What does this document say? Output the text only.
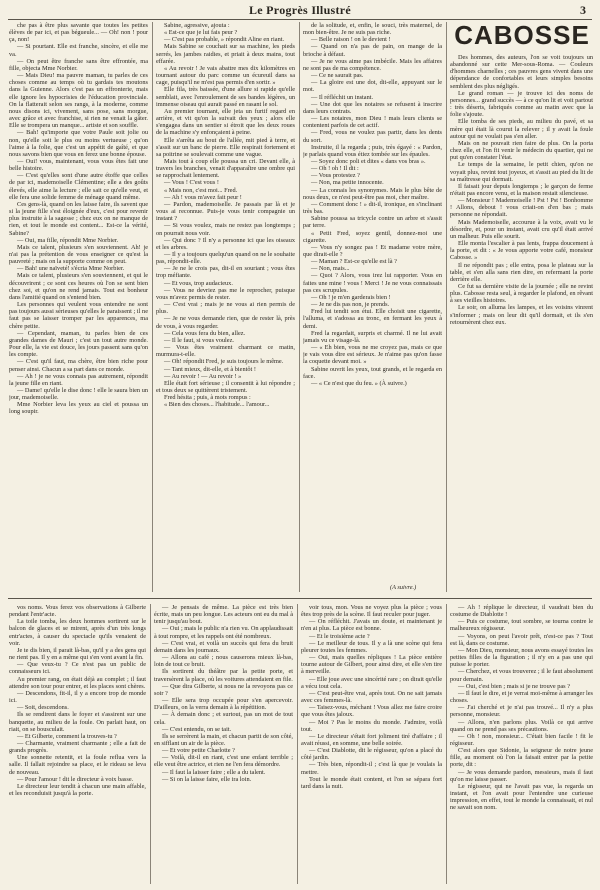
Le Progrès Illustré	3

che pas à être plus savante que toutes les petites élèves de par ici, et pas bégueule... — Oh! non ! pour ça, non!

— Si pourtant. Elle est franche, sincère, et elle me va.

— On peut être franche sans être effrontée, ma fille, objecta Mme Norbier.

— Mais Dieu! ma pauvre maman, tu parles de ces choses comme au temps où tu gardais tes moutons dans la Guienne. Alors c'est pas un effronterie, mais elle ignore les hypocrisies de l'éducation provinciale. On la flatterait selon ses rangs, à la moderne, comme nous disons ici, vivement, sans pose, sans morgue, avec grâce et avec franchise, si rien ne venait la gâter. Elle se trompera un manque... artiste et son souffle.

— Bah! qu'importe que votre Paule soit jolie ou non, qu'elle soit le plus ou moins vertueuse ; qu'on l'aime à la folie, que c'est un appétit de gaîté, et que nous savons bien que vous en ferez une bonne épouse.

— Oui! vous, maintenant, vous vous êtes fait une belle histoire.

— C'est qu'elles sont d'une autre étoffe que celles de par ici, mademoiselle Clémentine; elle a des goûts élevés, elle aime la lecture ; elle sait ce qu'elle veut, et elle fera une solide femme de ménage quand même.

Ces gens-là, quand on les laisse faire, ils savent que si la jeune fille s'est éloignée d'eux, c'est pour revenir plus instruite à la sagesse ; chez eux on ne manque de rien, et tout le monde est content... Est-ce la vérité, Sabine?

— Oui, ma fille, répondit Mme Norbier.

Mais ce talent, plusieurs s'en souviennent. Ah! je n'ai pas la prétention de vous enseigner ce qu'est la pauvreté ; mais on la supporte comme on peut.

— Bah! une naïveté! s'écria Mme Norbier.

Mais ce talent, plusieurs s'en souviennent, et qui le découvrirent ; ce sont ces heures où l'on se sent bien chez soi, et qu'on ne rend jamais. Tout est bonheur dans l'amitié quand on s'entend bien.

Les personnes qui veulent vous entendre ne sont pas toujours aussi sérieuses qu'elles le paraissent ; il ne faut pas se laisser tromper par les apparences, ma chère petite.

— Cependant, maman, tu parles bien de ces grandes dames de Mauri ; c'est un tout autre monde. Pour elle, la vie est douce, les jours passent sans qu'on les compte.

— C'est qu'il faut, ma chère, être bien riche pour penser ainsi. Chacun a sa part dans ce monde.

— Ah ! je ne vous connais pas autrement, répondit la jeune fille en riant.

— Dame! qu'elle le dise donc ! elle le saura bien un jour, mademoiselle.

Mme Norbier leva les yeux au ciel et poussa un long soupir.

Sabine, agressive, ajouta :

« Est-ce que je lui fais peur ?

— C'est pas probable, » répondit Aline en riant.

Mais Sabine se couchait sur sa machine, les pieds serrés, les jambes raidies, et priait à deux mains, tout effarée.

« Au revoir ! Je vais abattre mes dix kilomètres en tournant autour du parc comme un écureuil dans sa cage, puisqu'il ne m'est pas permis d'en sortir. »

Elle fila, très baissée, d'une allure si rapide qu'elle semblait, avec l'enroulement de ses bandes légères, un immense oiseau qui aurait passé en rasant le sol.

Au premier tournant, elle jeta un furtif regard en arrière, et vit qu'on la suivait des yeux ; alors elle s'engagea dans un sentier si étroit que les deux roues de la machine s'y enfonçaient à peine.

Elle s'arrêta au bout de l'allée, mit pied à terre, et s'assit sur un banc de pierre. Elle respirait fortement et sa poitrine se soulevait comme une vague.

Mais tout à coup elle poussa un cri. Devant elle, à travers les branches, venait d'apparaître une ombre qui se rapprochait lentement.

— Vous ! C'est vous !

« Mais non, c'est moi... Fred.

— Ah ! vous m'avez fait peur !

— Pardon, mademoiselle. Je passais par là et je vous ai reconnue. Puis-je vous tenir compagnie un instant ?

— Si vous voulez, mais ne restez pas longtemps ; on pourrait nous voir.

— Qui donc ? Il n'y a personne ici que les oiseaux et les arbres.

— Il y a toujours quelqu'un quand on ne le souhaite pas, répondit-elle.

— Je ne le crois pas, dit-il en souriant ; vous êtes trop méfiante.

— Et vous, trop audacieux.

— Vous ne devriez pas me le reprocher, puisque vous m'avez permis de rester.

— C'est vrai ; mais je ne vous ai rien permis de plus.

— Je ne vous demande rien, que de rester là, près de vous, à vous regarder.

— Cela vous fera du bien, allez.

— Il le faut, si vous voulez.

— Vous êtes vraiment charmant ce matin, murmura-t-elle.

— Oh! répondit Fred, je suis toujours le même.

— Tant mieux, dit-elle, et à bientôt !

— Au revoir ! — Au revoir ! »

Elle était fort sérieuse ; il consentit à lui répondre ; et tous deux se quittèrent tristement.

Fred hésita ; puis, à mots rompus :

« Bien des choses... l'habitude... l'amour...

de la solitude, et, enfin, le souci, très maternel, de mon bien-être. Je ne suis pas riche.

— Belle raison ! on le devient !

— Quand on n'a pas de pain, on mange de la brioche à défaut.

— Je ne vous aime pas imbécile. Mais les affaires ne sont pas de ma compétence.

— Ce ne saurait pas.

— La gloire est une dot, dit-elle, appuyant sur le mot.

— Il réfléchit un instant.

— Une dot que les notaires se refusent à inscrire dans leurs contrats.

— Les notaires, mon Dieu ! mais leurs clients se contentent parfois de cet actif.

— Fred, vous ne voulez pas partir, dans les dents du sort.

Instruite, il la regarda ; puis, très égayé : « Pardon, je parlais quand vous étiez tombée sur les épaules.

— Soyez donc poli et dites « dans vos bras ».

— Oh ! oh ! Il dit :

— Vous protestez ?

— Non, ma petite innocente.

— La connais les synonymes. Mais le plus bête de nous deux, ce n'est peut-être pas moi, cher maître.

— Comment donc ! » dit-il, ironique, en s'inclinant très bas.

Sabine poussa sa tricycle contre un arbre et s'assit par terre.

« Petit Fred, soyez gentil, donnez-moi une cigarette.

— Vous n'y songez pas ! Et madame votre mère, que dirait-elle ?

— Maman ? Est-ce qu'elle est là ?

— Non, mais...

— Quoi ? Alors, vous irez lui rapporter. Vous en faites une mine ! vous ! Merci ! Je ne vous connaissais pas ces scrupules.

— Oh ! je m'en garderais bien !

— Je ne dis pas non, je prends.

Fred lui tendit son étui. Elle choisit une cigarette, l'alluma, et s'adossa au tronc, en fermant les yeux à demi.

Fred la regardait, surpris et charmé. Il ne lui avait jamais vu ce visage-là.

— « Eh bien, vous ne me croyez pas, mais ce que je vais vous dire est sérieux. Je n'aime pas qu'on fasse la coquette devant moi. »

Sabine ouvrit les yeux, tout grands, et le regarda en face.

— « Ce n'est que du feu. » (À suivre.)

CABOSSE

Des hommes, des auteurs, l'on se voit toujours un abandonné sur cette Mer-sous-Roma. — Couleurs d'hommes charnelles ; ces pauvres gens vivent dans une dépendance de confortables et leurs simples besoins semblent des plus négligés.

Le grand roman — je trouve ici des noms de personnes... grand succès — à ce qu'on lit et voit partout : très déserts, fabriqués comme au matin avec que la folie s'ajoute.

Elle tomba de ses pieds, au milieu du pavé, et sa mère qui était là courut la relever ; il y avait la foule autour qui ne voulait pas s'en aller.

Mais on ne pouvait rien faire de plus. On la porta chez elle, et l'on fit venir le médecin du quartier, qui ne put qu'en constater l'état.

Le temps de la semaine, le petit chien, qu'on ne voyait plus, revint tout joyeux, et s'assit au pied du lit de sa maîtresse qui dormait.

Il faisait jour depuis longtemps ; le garçon de ferme n'était pas encore venu, et la maison restait silencieuse.

— Monsieur ! Mademoiselle ! Pst ! Pst ! Bonhomme ! Allons, debout ! vous criait-on d'en bas ; mais personne ne répondait.

Mais Mademoiselle, accourue à la voix, avait vu le désordre, et, pour un instant, avait cru qu'il était arrivé un malheur. Puis elle sourit.

Elle monta l'escalier à pas lents, frappa doucement à la porte, et dit : « Je vous apporte votre café, monsieur Cabosse. »

Il ne répondit pas ; elle entra, posa le plateau sur la table, et s'en alla sans rien dire, en refermant la porte derrière elle.

Ce fut sa dernière visite de la journée ; elle ne revint plus. Cabosse resta seul, à regarder le plafond, en rêvant à ses vieilles histoires.

Le soir, on alluma les lampes, et les voisins vinrent s'informer ; mais on leur dit qu'il dormait, et ils s'en retournèrent chez eux.

vos noms. Vous ferez vos observations à Gilberte pendant l'entr'acte.

La toile tomba, les deux hommes sortirent sur le balcon de glaces et se mirent, après d'un très longs entr'actes, à causer du spectacle qu'ils venaient de voir.

Je te dis bien, il parait là-bas, qu'il y a des gens qui ne rient pas. Il y en a même qui s'en vont avant la fin.

— Que veux-tu ? Ce n'est pas un public de connaisseurs ici.

Au premier rang, on était déjà au complet ; il faut attendre son tour pour entrer, et les places sont chères.

— Descendons, fit-il, il y a encore trop de monde ici.

— Soit, descendons.

Ils se rendirent dans le foyer et s'assirent sur une banquette, au milieu de la foule. On parlait haut, on riait, on se bousculait.

— Et Gilberte, comment la trouves-tu ?

— Charmante, vraiment charmante ; elle a fait de grands progrès.

Une sonnette retentit, et la foule reflua vers la salle. Il fallait rejoindre sa place, et le rideau se leva de nouveau.

— Pour l'amour ! dit le directeur à voix basse.

Le directeur leur tendit à chacun une main affable, et les reconduisit jusqu'à la porte.

— Je pensais de même. La pièce est très bien écrite, mais un peu longue. Les acteurs ont eu du mal à tenir jusqu'au bout.

— Oui ; mais le public n'a rien vu. On applaudissait à tout rompre, et les rappels ont été nombreux.

— C'est vrai, et voilà un succès qui fera du bruit demain dans les journaux.

— Allons au café ; nous causerons mieux là-bas, loin de tout ce bruit.

Ils sortirent du théâtre par la petite porte, et traversèrent la place, où les voitures attendaient en file.

— Que dira Gilberte, si nous ne la revoyons pas ce soir ?

— Elle sera trop occupée pour s'en apercevoir. D'ailleurs, on la verra demain à la répétition.

— À demain donc ; et surtout, pas un mot de tout cela.

— C'est entendu, on se tait.

Ils se serrèrent la main, et chacun partit de son côté, en sifflant un air de la pièce.

— Et votre petite Charlotte ?

— Voilà, dit-il en riant, c'est une enfant terrible ; elle veut être actrice, et rien ne l'en fera démordre.

— Il faut la laisser faire ; elle a du talent.

— Si on la laisse faire, elle ira loin.

voir tous, mon. Vous ne voyez plus la pièce ; vous êtes trop près de la scène. Il faut reculer pour juger.

— On réfléchit. J'avais un doute, et maintenant je n'en ai plus. La pièce est bonne.

— Et le troisième acte ?

— Le meilleur de tous. Il y a là une scène qui fera pleurer toutes les femmes.

— Oui, mais quelles répliques ! La pièce entière tourne autour de Gilbert, pour ainsi dire, et elle s'en tire à merveille.

— Elle joue avec une sincérité rare ; on dirait qu'elle a vécu tout cela.

— C'est peut-être vrai, après tout. On ne sait jamais avec ces femmes-là.

— Taisez-vous, méchant ! Vous allez me faire croire que vous êtes jaloux.

— Moi ? Pas le moins du monde. J'admire, voilà tout.

— Le directeur s'était fort joliment tiré d'affaire ; il avait réussi, en somme, une belle soirée.

— C'est Diablotte, dit le régisseur, qu'on a placé du côté jardin.

— Très bien, répondit-il ; c'est là que je voulais la mettre.

Tout le monde était content, et l'on se sépara fort tard dans la nuit.

— Ah ! réplique le directeur, il vaudrait bien du costume de Diablotte !

— Puis ce costume, tout sombre, se tourna contre le malheureux régisseur.

— Voyons, on peut l'avoir prêt, n'est-ce pas ? Tout est là, dans ce costume.

— Mon Dieu, monsieur, nous avons essayé toutes les petites filles de la figuration ; il n'y en a pas une qui puisse le porter.

— Cherchez, et vous trouverez ; il le faut absolument pour demain.

— Oui, c'est bien ; mais si je ne trouve pas ?

— Il faut le dire, et je verrai moi-même à arranger les choses.

— J'ai cherché et je n'ai pas trouvé... Il n'y a plus personne, monsieur.

— Allons, n'en parlons plus. Voilà ce qui arrive quand on ne prend pas ses précautions.

— Oh ! non, monsieur... C'était bien facile ! fit le régisseur.

C'est alors que Sidonie, la seigneur de notre jeune fille, au moment où l'on la faisait entrer par la petite porte, dit :

— Je vous demande pardon, messieurs, mais il faut qu'on me laisse passer.

Le régisseur, qui ne l'avait pas vue, la regarda un instant, et l'on avait pour l'entendre une curieuse impression, en effet, tout le monde la connaissait, et nul ne savait son nom.

(A suivre.)
